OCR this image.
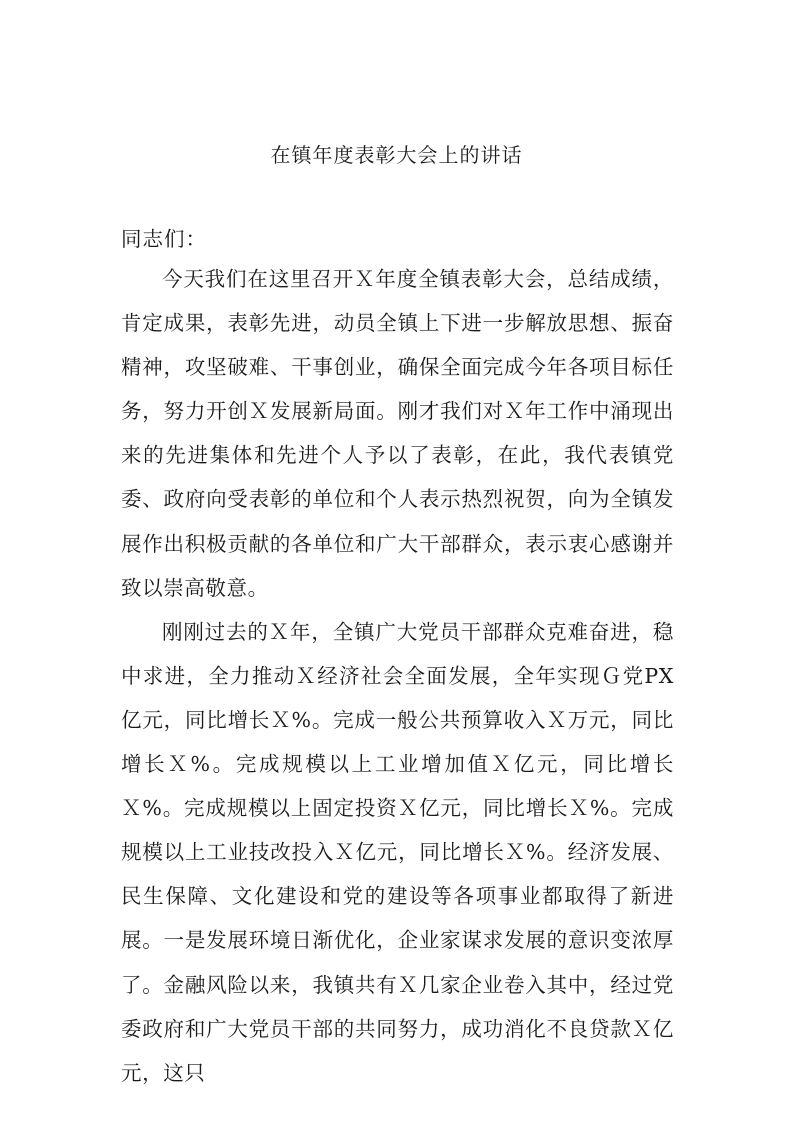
在镇年度表彰大会上的讲话

同志们：

今天我们在这里召开Ｘ年度全镇表彰大会，总结成绩，肯定成果，表彰先进，动员全镇上下进一步解放思想、振奋精神，攻坚破难、干事创业，确保全面完成今年各项目标任务，努力开创Ｘ发展新局面。刚才我们对Ｘ年工作中涌现出来的先进集体和先进个人予以了表彰，在此，我代表镇党委、政府向受表彰的单位和个人表示热烈祝贺，向为全镇发展作出积极贡献的各单位和广大干部群众，表示衷心感谢并致以崇高敬意。

刚刚过去的Ｘ年，全镇广大党员干部群众克难奋进，稳中求进，全力推动Ｘ经济社会全面发展，全年实现Ｇ党PX亿元，同比增长Ｘ%。完成一般公共预算收入Ｘ万元，同比增长Ｘ%。完成规模以上工业增加值Ｘ亿元，同比增长Ｘ%。完成规模以上固定投资Ｘ亿元，同比增长Ｘ%。完成规模以上工业技改投入Ｘ亿元，同比增长Ｘ%。经济发展、民生保障、文化建设和党的建设等各项事业都取得了新进展。一是发展环境日渐优化，企业家谋求发展的意识变浓厚了。金融风险以来，我镇共有Ｘ几家企业卷入其中，经过党委政府和广大党员干部的共同努力，成功消化不良贷款Ｘ亿元，这只
